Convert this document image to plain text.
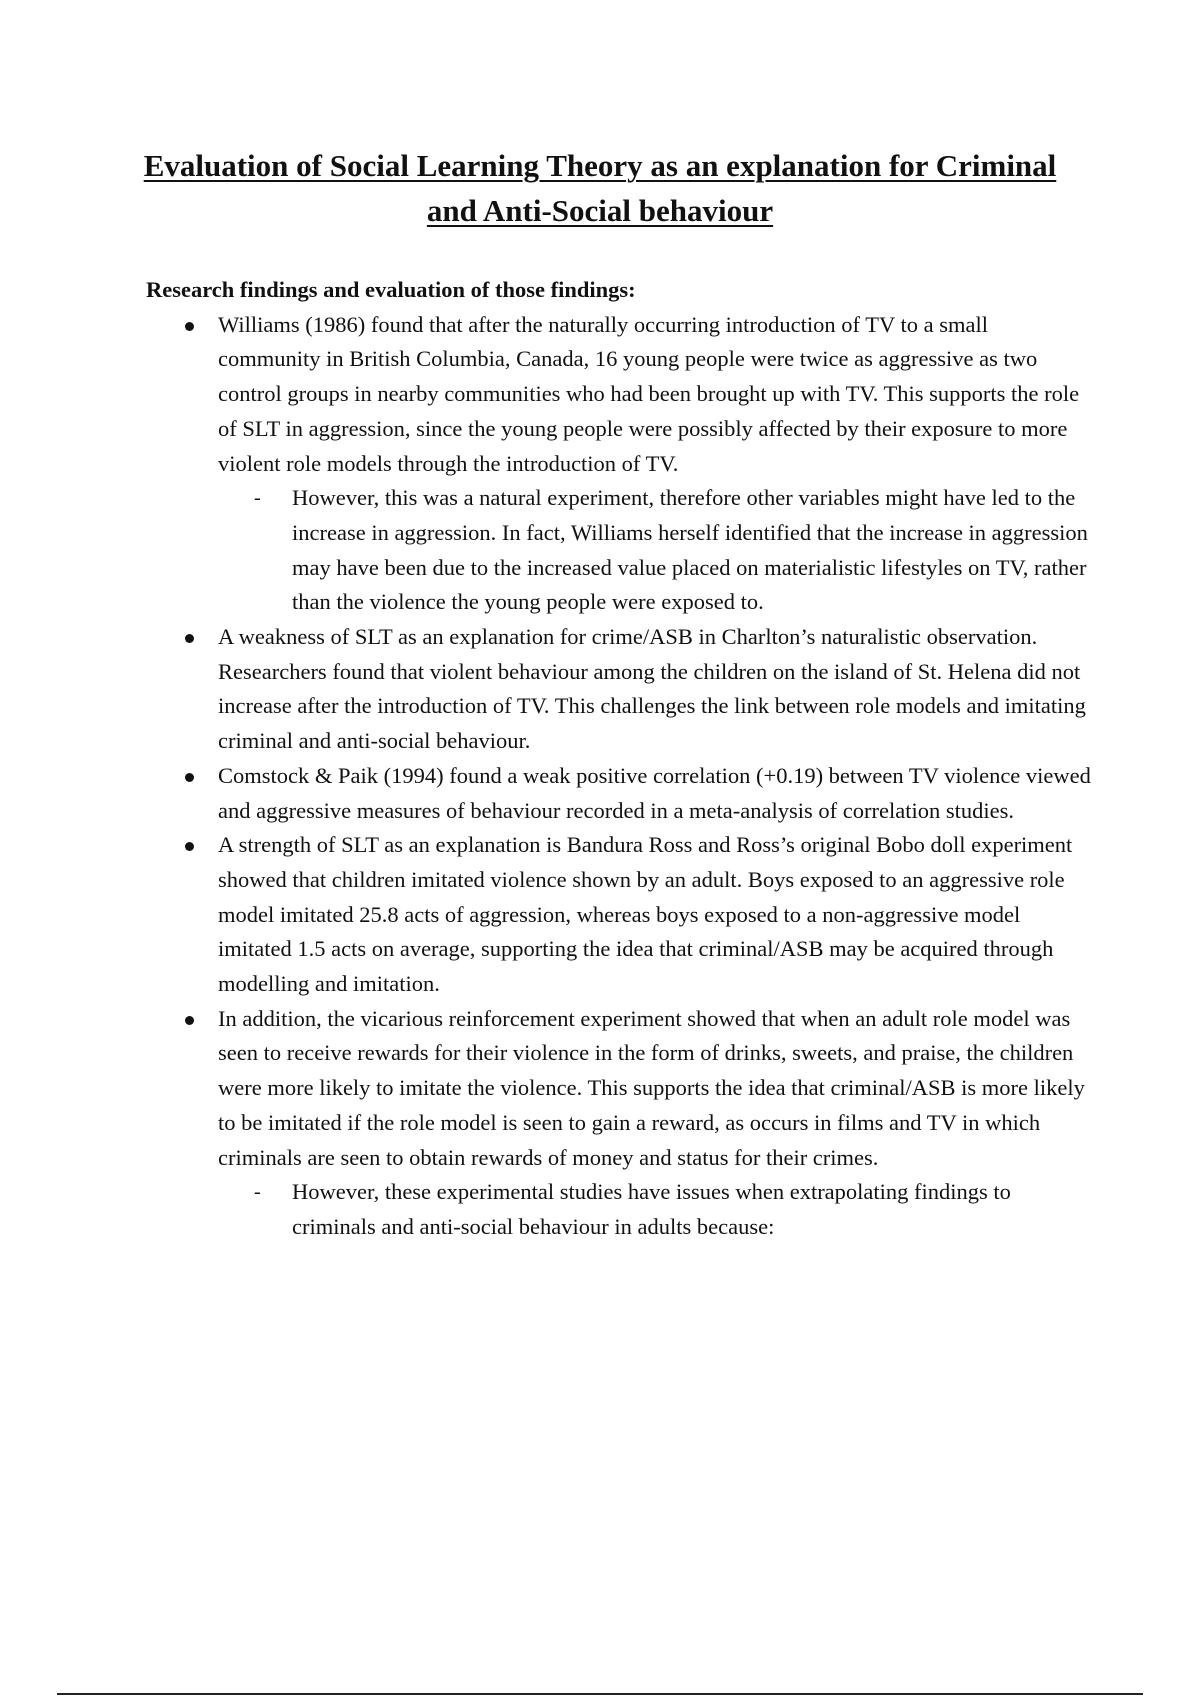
Evaluation of Social Learning Theory as an explanation for Criminal and Anti-Social behaviour

Research findings and evaluation of those findings:

Williams (1986) found that after the naturally occurring introduction of TV to a small community in British Columbia, Canada, 16 young people were twice as aggressive as two control groups in nearby communities who had been brought up with TV. This supports the role of SLT in aggression, since the young people were possibly affected by their exposure to more violent role models through the introduction of TV.
- However, this was a natural experiment, therefore other variables might have led to the increase in aggression. In fact, Williams herself identified that the increase in aggression may have been due to the increased value placed on materialistic lifestyles on TV, rather than the violence the young people were exposed to.
A weakness of SLT as an explanation for crime/ASB in Charlton’s naturalistic observation. Researchers found that violent behaviour among the children on the island of St. Helena did not increase after the introduction of TV. This challenges the link between role models and imitating criminal and anti-social behaviour.
Comstock & Paik (1994) found a weak positive correlation (+0.19) between TV violence viewed and aggressive measures of behaviour recorded in a meta-analysis of correlation studies.
A strength of SLT as an explanation is Bandura Ross and Ross’s original Bobo doll experiment showed that children imitated violence shown by an adult. Boys exposed to an aggressive role model imitated 25.8 acts of aggression, whereas boys exposed to a non-aggressive model imitated 1.5 acts on average, supporting the idea that criminal/ASB may be acquired through modelling and imitation.
In addition, the vicarious reinforcement experiment showed that when an adult role model was seen to receive rewards for their violence in the form of drinks, sweets, and praise, the children were more likely to imitate the violence. This supports the idea that criminal/ASB is more likely to be imitated if the role model is seen to gain a reward, as occurs in films and TV in which criminals are seen to obtain rewards of money and status for their crimes.
- However, these experimental studies have issues when extrapolating findings to criminals and anti-social behaviour in adults because:
